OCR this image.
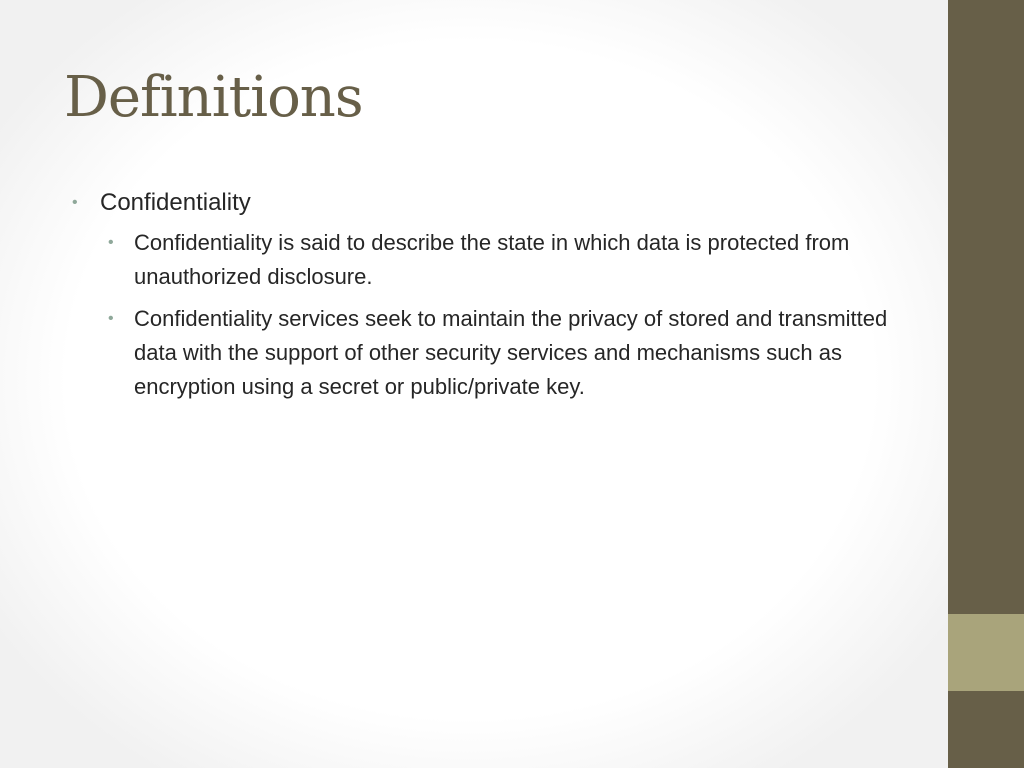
Definitions
• Confidentiality
• Confidentiality is said to describe the state in which data is protected from unauthorized disclosure.
• Confidentiality services seek to maintain the privacy of stored and transmitted data with the support of other security services and mechanisms such as encryption using a secret or public/private key.
